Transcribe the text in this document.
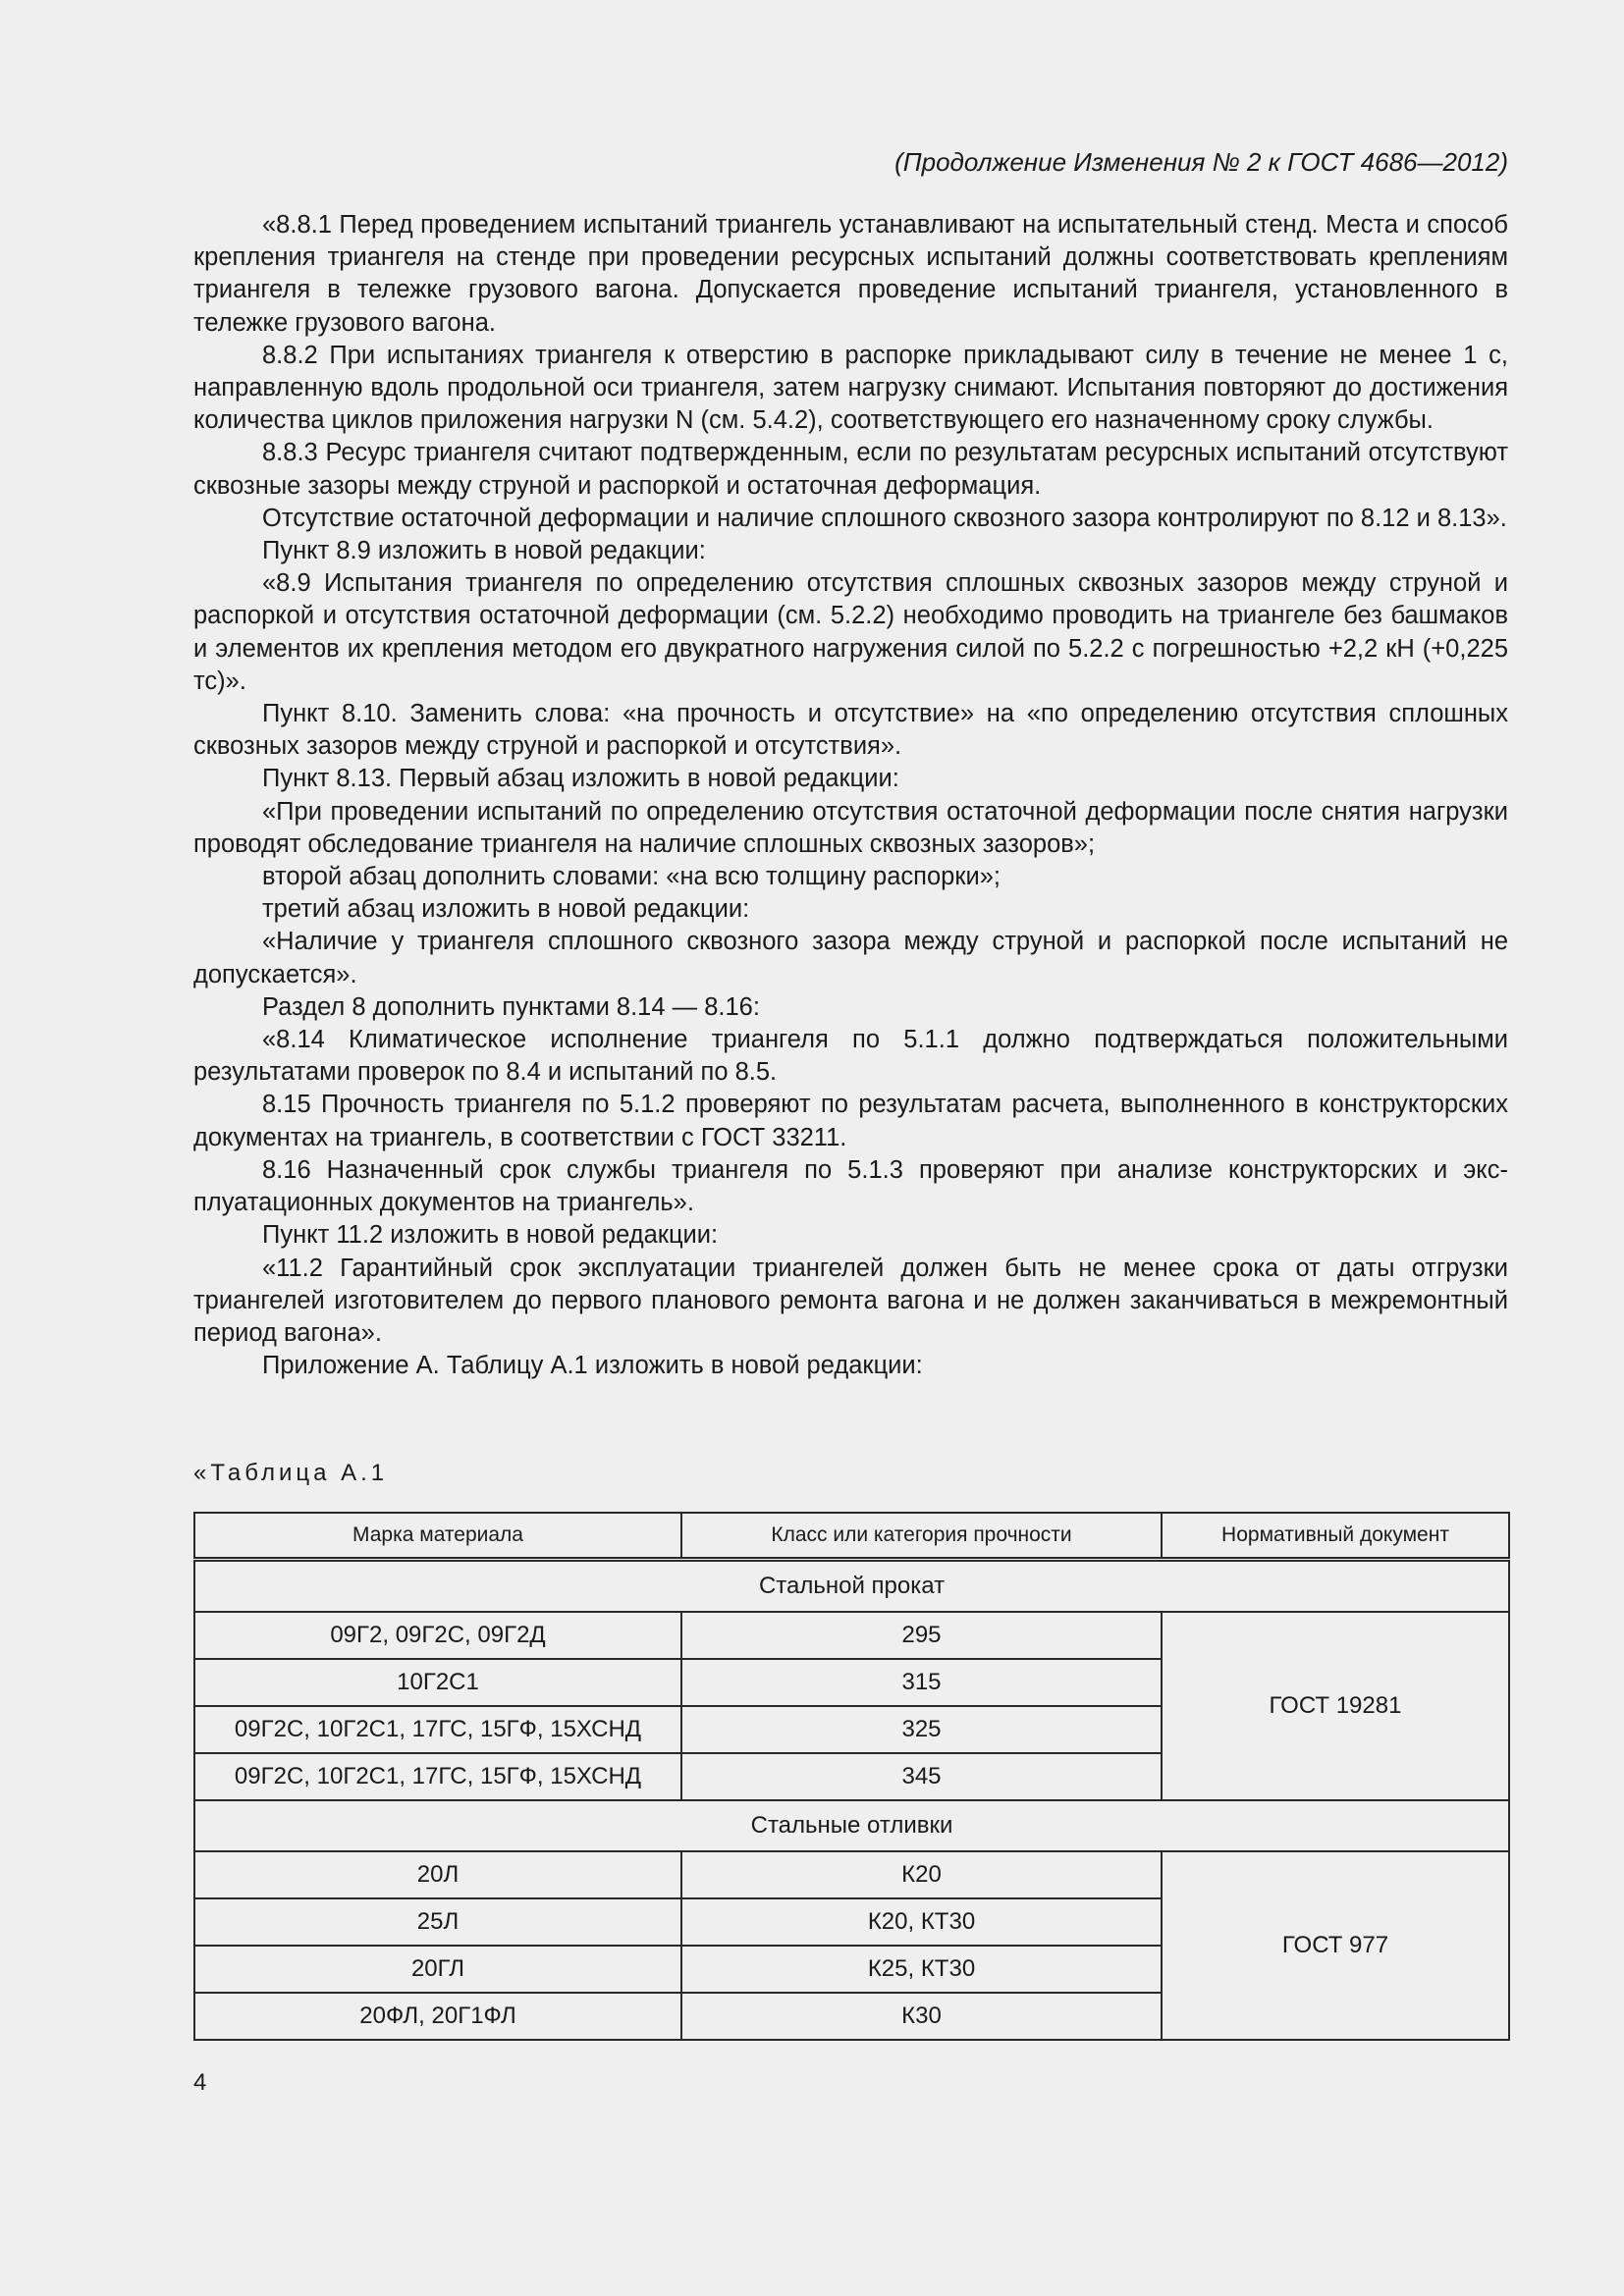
(Продолжение Изменения № 2 к ГОСТ 4686—2012)

«8.8.1 Перед проведением испытаний триангель устанавливают на испытательный стенд. Места и способ крепления триангеля на стенде при проведении ресурсных испытаний должны соответствовать креплениям триангеля в тележке грузового вагона. Допускается проведение испытаний триангеля, установленного в тележке грузового вагона.

8.8.2 При испытаниях триангеля к отверстию в распорке прикладывают силу в течение не менее 1 с, направленную вдоль продольной оси триангеля, затем нагрузку снимают. Испытания повторяют до достижения количества циклов приложения нагрузки N (см. 5.4.2), соответствующего его назначенному сроку службы.

8.8.3 Ресурс триангеля считают подтвержденным, если по результатам ресурсных испытаний отсутствуют сквозные зазоры между струной и распоркой и остаточная деформация.

Отсутствие остаточной деформации и наличие сплошного сквозного зазора контролируют по 8.12 и 8.13».

Пункт 8.9 изложить в новой редакции:

«8.9 Испытания триангеля по определению отсутствия сплошных сквозных зазоров между струной и распоркой и отсутствия остаточной деформации (см. 5.2.2) необходимо проводить на триангеле без башмаков и элементов их крепления методом его двукратного нагружения силой по 5.2.2 с погрешностью +2,2 кН (+0,225 тс)».

Пункт 8.10. Заменить слова: «на прочность и отсутствие» на «по определению отсутствия сплошных сквозных зазоров между струной и распоркой и отсутствия».

Пункт 8.13. Первый абзац изложить в новой редакции:

«При проведении испытаний по определению отсутствия остаточной деформации после снятия нагрузки проводят обследование триангеля на наличие сплошных сквозных зазоров»;

второй абзац дополнить словами: «на всю толщину распорки»;

третий абзац изложить в новой редакции:

«Наличие у триангеля сплошного сквозного зазора между струной и распоркой после испытаний не допускается».

Раздел 8 дополнить пунктами 8.14 — 8.16:

«8.14 Климатическое исполнение триангеля по 5.1.1 должно подтверждаться положительными результатами проверок по 8.4 и испытаний по 8.5.

8.15 Прочность триангеля по 5.1.2 проверяют по результатам расчета, выполненного в конструкторских документах на триангель, в соответствии с ГОСТ 33211.

8.16 Назначенный срок службы триангеля по 5.1.3 проверяют при анализе конструкторских и эксплуатационных документов на триангель».

Пункт 11.2 изложить в новой редакции:

«11.2 Гарантийный срок эксплуатации триангелей должен быть не менее срока от даты отгрузки триангелей изготовителем до первого планового ремонта вагона и не должен заканчиваться в межремонтный период вагона».

Приложение А. Таблицу А.1 изложить в новой редакции:

«Таблица А.1
Марка материала	Класс или категория прочности	Нормативный документ
Стальной прокат		
09Г2, 09Г2С, 09Г2Д	295	ГОСТ 19281
10Г2С1	315	
09Г2С, 10Г2С1, 17ГС, 15ГФ, 15ХСНД	325	
09Г2С, 10Г2С1, 17ГС, 15ГФ, 15ХСНД	345	
Стальные отливки		
20Л	К20	ГОСТ 977
25Л	К20, КТ30	
20ГЛ	К25, КТ30	
20ФЛ, 20Г1ФЛ	К30	
4
